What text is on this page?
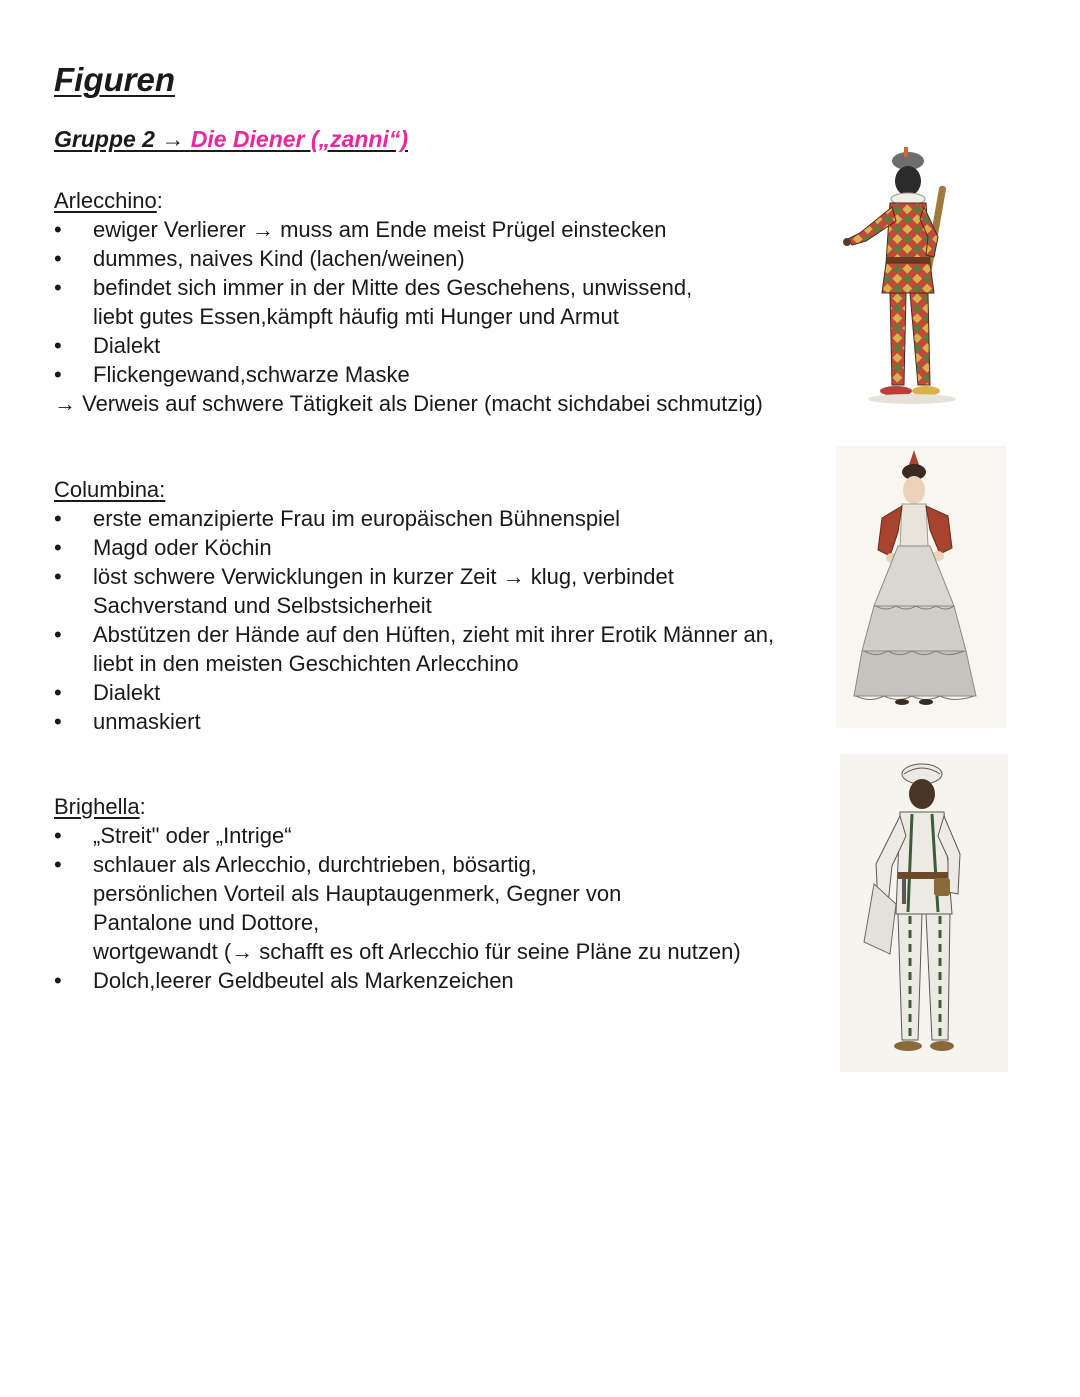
Figuren
Gruppe 2 → Die Diener („zanni“)
Arlecchino:
• ewiger Verlierer → muss am Ende meist Prügel einstecken
• dummes, naives Kind (lachen/weinen)
• befindet sich immer in der Mitte des Geschehens, unwissend,
liebt gutes Essen,kämpft häufig mti Hunger und Armut
• Dialekt
• Flickengewand,schwarze Maske
→ Verweis auf schwere Tätigkeit als Diener (macht sichdabei schmutzig)
Columbina:
• erste emanzipierte Frau im europäischen Bühnenspiel
• Magd oder Köchin
• löst schwere Verwicklungen in kurzer Zeit → klug, verbindet
Sachverstand und Selbstsicherheit
• Abstützen der Hände auf den Hüften, zieht mit ihrer Erotik Männer an,
liebt in den meisten Geschichten Arlecchino
• Dialekt
• unmaskiert
Brighella:
• „Streit" oder „Intrige“
• schlauer als Arlecchio, durchtrieben, bösartig,
persönlichen Vorteil als Hauptaugenmerk, Gegner von
Pantalone und Dottore,
wortgewandt (→ schafft es oft Arlecchio für seine Pläne zu nutzen)
• Dolch,leerer Geldbeutel als Markenzeichen
